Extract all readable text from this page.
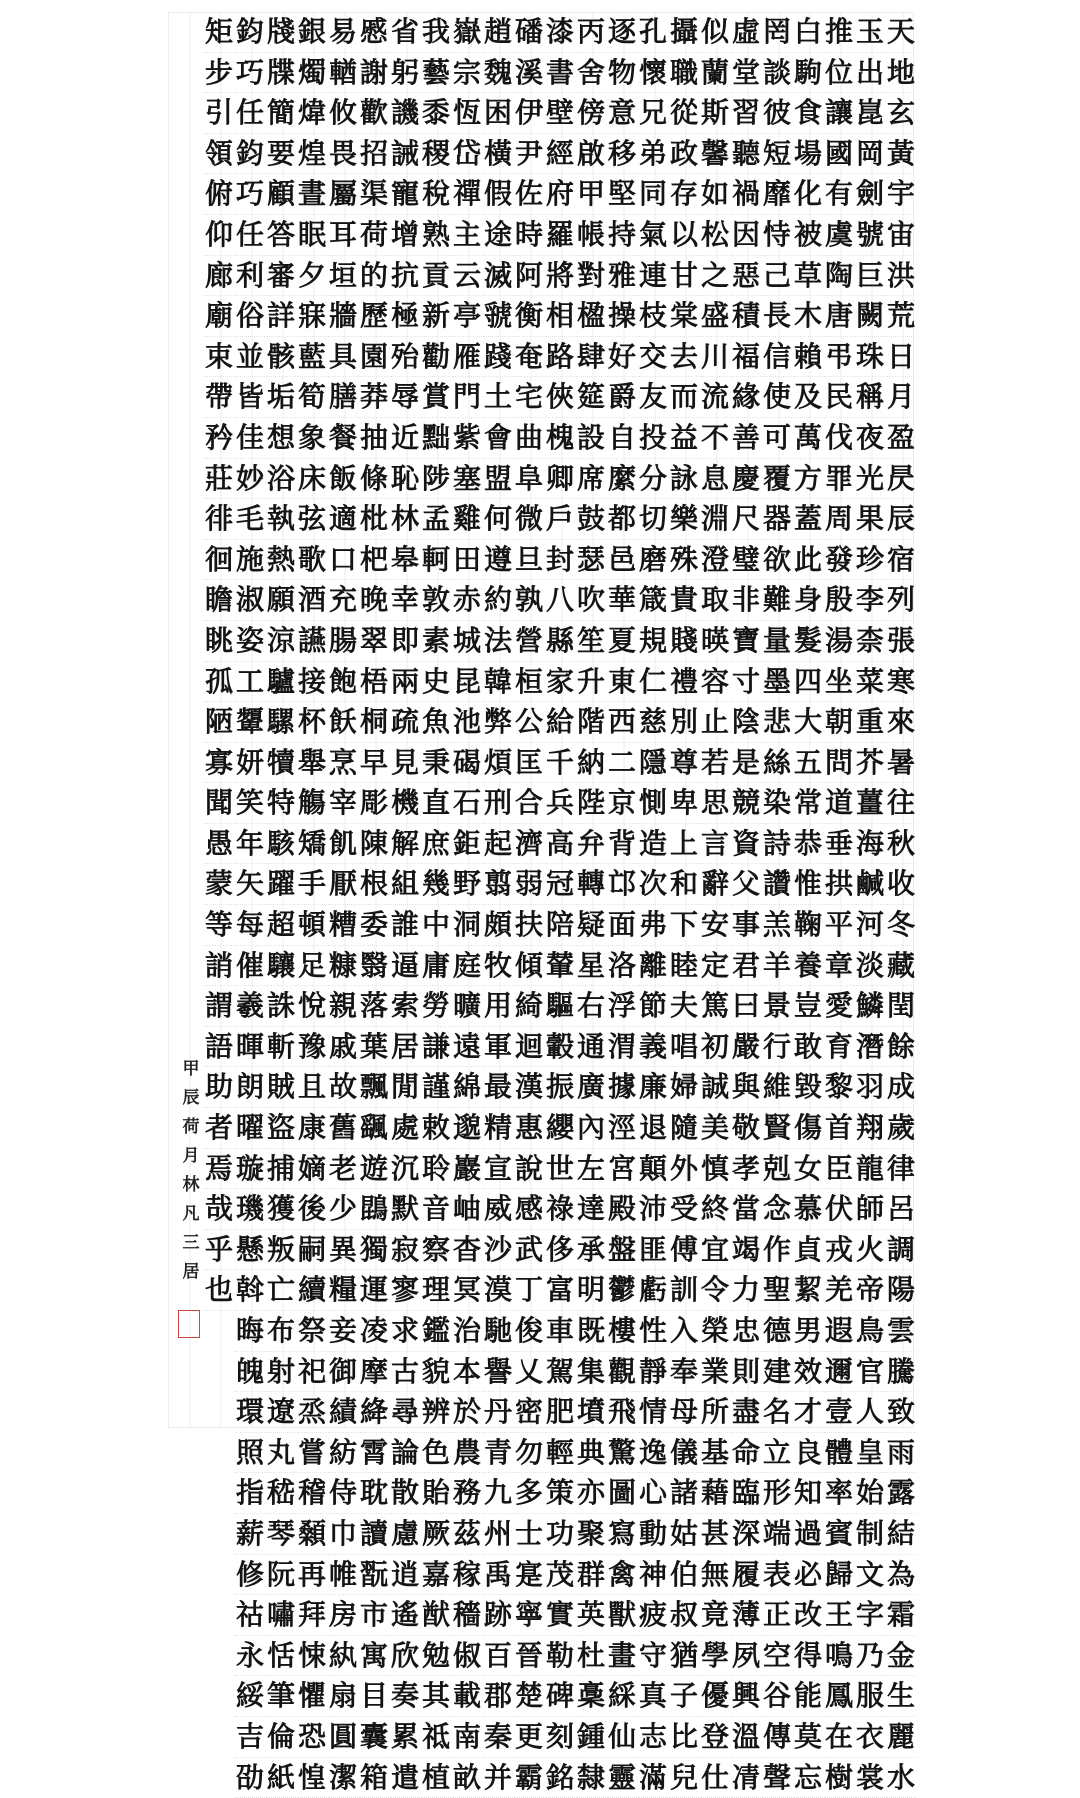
天
地
玄
黃
宇
宙
洪
荒
日
月
盈
昃
辰
宿
列
張
寒
來
暑
往
秋
收
冬
藏
閏
餘
成
歲
律
呂
調
陽
雲
騰
致
雨
露
結
為
霜
金
生
麗
水
玉
出
崑
岡
劍
號
巨
闕
珠
稱
夜
光
果
珍
李
柰
菜
重
芥
薑
海
鹹
河
淡
鱗
潛
羽
翔
龍
師
火
帝
鳥
官
人
皇
始
制
文
字
乃
服
衣
裳
推
位
讓
國
有
虞
陶
唐
弔
民
伐
罪
周
發
殷
湯
坐
朝
問
道
垂
拱
平
章
愛
育
黎
首
臣
伏
戎
羌
遐
邇
壹
體
率
賓
歸
王
鳴
鳳
在
樹
白
駒
食
場
化
被
草
木
賴
及
萬
方
蓋
此
身
髮
四
大
五
常
恭
惟
鞠
養
豈
敢
毀
傷
女
慕
貞
絜
男
效
才
良
知
過
必
改
得
能
莫
忘
罔
談
彼
短
靡
恃
己
長
信
使
可
覆
器
欲
難
量
墨
悲
絲
染
詩
讚
羔
羊
景
行
維
賢
剋
念
作
聖
德
建
名
立
形
端
表
正
空
谷
傳
聲
虛
堂
習
聽
禍
因
惡
積
福
緣
善
慶
尺
璧
非
寶
寸
陰
是
競
資
父
事
君
曰
嚴
與
敬
孝
當
竭
力
忠
則
盡
命
臨
深
履
薄
夙
興
溫
凊
似
蘭
斯
馨
如
松
之
盛
川
流
不
息
淵
澄
取
暎
容
止
若
思
言
辭
安
定
篤
初
誠
美
慎
終
宜
令
榮
業
所
基
藉
甚
無
竟
學
優
登
仕
攝
職
從
政
存
以
甘
棠
去
而
益
詠
樂
殊
貴
賤
禮
別
尊
卑
上
和
下
睦
夫
唱
婦
隨
外
受
傅
訓
入
奉
母
儀
諸
姑
伯
叔
猶
子
比
兒
孔
懷
兄
弟
同
氣
連
枝
交
友
投
分
切
磨
箴
規
仁
慈
隱
惻
造
次
弗
離
節
義
廉
退
顛
沛
匪
虧
性
靜
情
逸
心
動
神
疲
守
真
志
滿
逐
物
意
移
堅
持
雅
操
好
爵
自
縻
都
邑
華
夏
東
西
二
京
背
邙
面
洛
浮
渭
據
涇
宮
殿
盤
鬱
樓
觀
飛
驚
圖
寫
禽
獸
畫
綵
仙
靈
丙
舍
傍
啟
甲
帳
對
楹
肆
筵
設
席
鼓
瑟
吹
笙
升
階
納
陛
弁
轉
疑
星
右
通
廣
內
左
達
承
明
既
集
墳
典
亦
聚
群
英
杜
稾
鍾
隸
漆
書
壁
經
府
羅
將
相
路
俠
槐
卿
戶
封
八
縣
家
給
千
兵
高
冠
陪
輦
驅
轂
振
纓
世
祿
侈
富
車
駕
肥
輕
策
功
茂
實
勒
碑
刻
銘
磻
溪
伊
尹
佐
時
阿
衡
奄
宅
曲
阜
微
旦
孰
營
桓
公
匡
合
濟
弱
扶
傾
綺
迴
漢
惠
說
感
武
丁
俊
乂
密
勿
多
士
寔
寧
晉
楚
更
霸
趙
魏
困
橫
假
途
滅
虢
踐
土
會
盟
何
遵
約
法
韓
弊
煩
刑
起
翦
頗
牧
用
軍
最
精
宣
威
沙
漠
馳
譽
丹
青
九
州
禹
跡
百
郡
秦
并
嶽
宗
恆
岱
禪
主
云
亭
雁
門
紫
塞
雞
田
赤
城
昆
池
碣
石
鉅
野
洞
庭
曠
遠
綿
邈
巖
岫
杳
冥
治
本
於
農
務
茲
稼
穡
俶
載
南
畝
我
藝
黍
稷
稅
熟
貢
新
勸
賞
黜
陟
孟
軻
敦
素
史
魚
秉
直
庶
幾
中
庸
勞
謙
謹
敕
聆
音
察
理
鑑
貌
辨
色
貽
厥
嘉
猷
勉
其
祗
植
省
躬
譏
誡
寵
增
抗
極
殆
辱
近
恥
林
皋
幸
即
兩
疏
見
機
解
組
誰
逼
索
居
閒
處
沉
默
寂
寥
求
古
尋
論
散
慮
逍
遙
欣
奏
累
遣
慼
謝
歡
招
渠
荷
的
歷
園
莽
抽
條
枇
杷
晚
翠
梧
桐
早
彫
陳
根
委
翳
落
葉
飄
颻
遊
鵾
獨
運
凌
摩
絳
霄
耽
讀
翫
市
寓
目
囊
箱
易
輶
攸
畏
屬
耳
垣
牆
具
膳
餐
飯
適
口
充
腸
飽
飫
烹
宰
飢
厭
糟
糠
親
戚
故
舊
老
少
異
糧
妾
御
績
紡
侍
巾
帷
房
紈
扇
圓
潔
銀
燭
煒
煌
晝
眠
夕
寐
藍
筍
象
床
弦
歌
酒
讌
接
杯
舉
觴
矯
手
頓
足
悅
豫
且
康
嫡
後
嗣
續
祭
祀
烝
嘗
稽
顙
再
拜
悚
懼
恐
惶
牋
牒
簡
要
顧
答
審
詳
骸
垢
想
浴
執
熱
願
涼
驢
騾
犢
特
駭
躍
超
驤
誅
斬
賊
盜
捕
獲
叛
亡
布
射
遼
丸
嵇
琴
阮
嘯
恬
筆
倫
紙
鈞
巧
任
鈞
巧
任
利
俗
並
皆
佳
妙
毛
施
淑
姿
工
顰
妍
笑
年
矢
每
催
羲
暉
朗
曜
璇
璣
懸
斡
晦
魄
環
照
指
薪
修
祜
永
綏
吉
劭
矩
步
引
領
俯
仰
廊
廟
束
帶
矜
莊
徘
徊
瞻
眺
孤
陋
寡
聞
愚
蒙
等
誚
謂
語
助
者
焉
哉
乎
也
甲
辰
荷
月
林
凡
三
居
